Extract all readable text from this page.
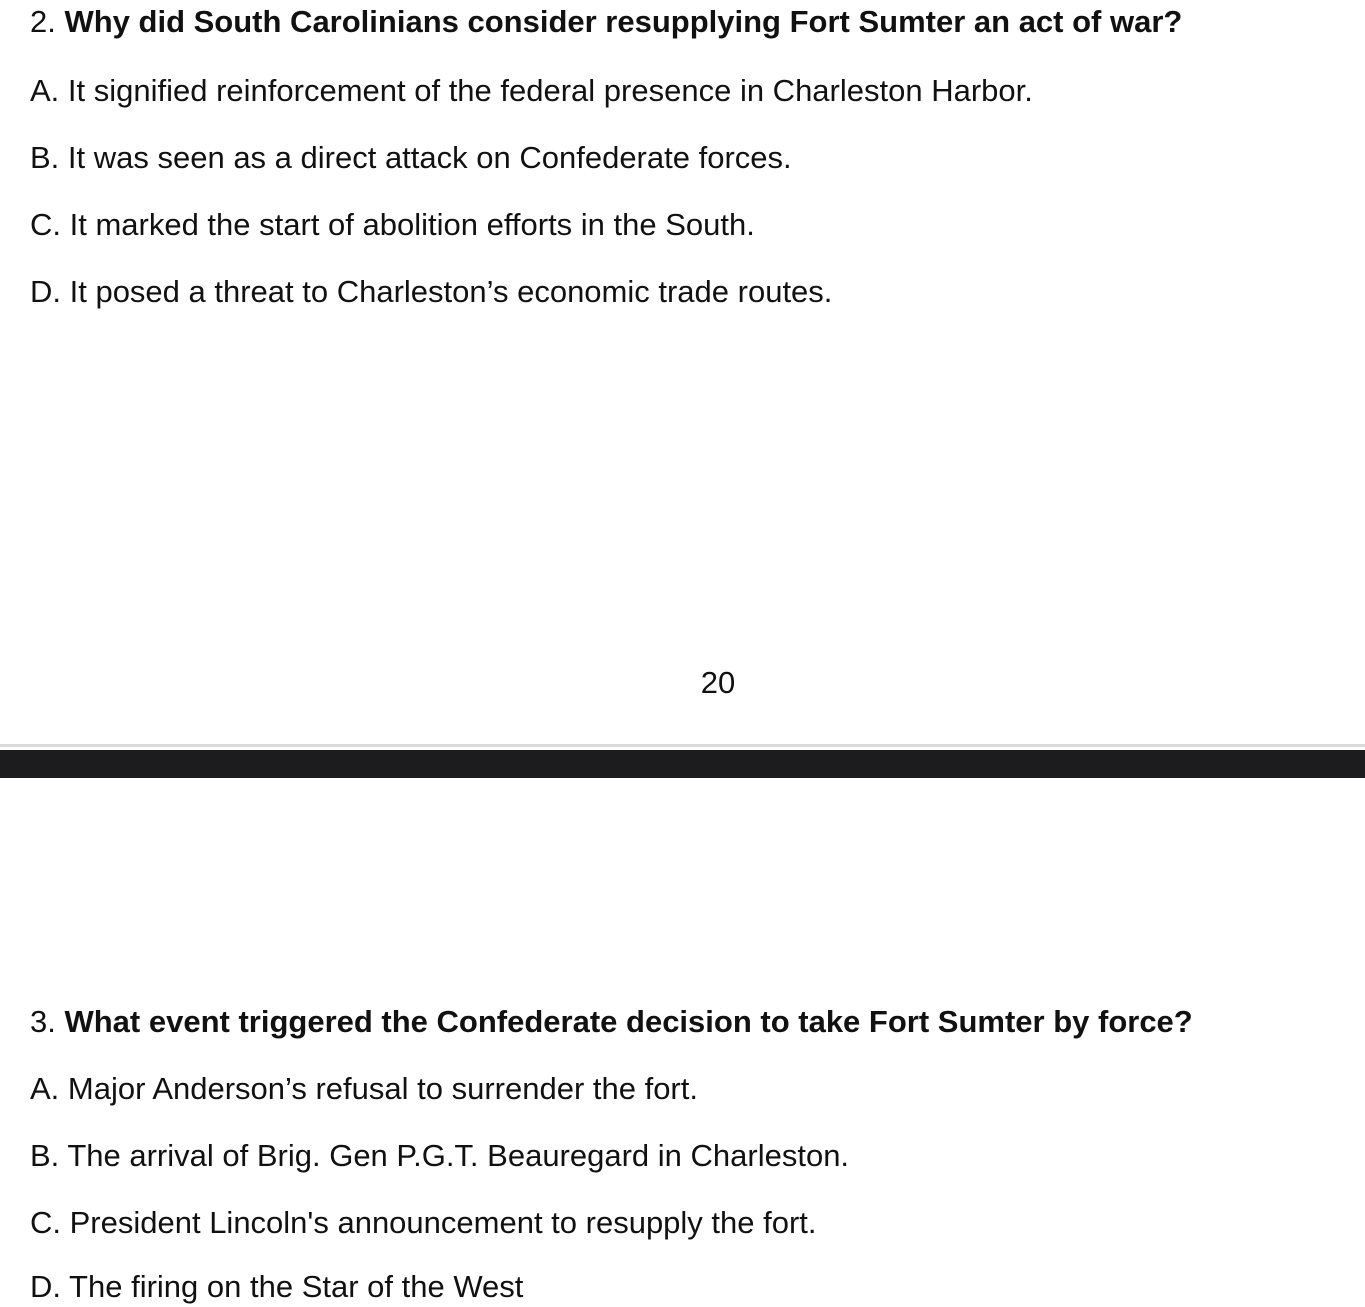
2. Why did South Carolinians consider resupplying Fort Sumter an act of war?
A. It signified reinforcement of the federal presence in Charleston Harbor.
B. It was seen as a direct attack on Confederate forces.
C. It marked the start of abolition efforts in the South.
D. It posed a threat to Charleston’s economic trade routes.
20
3. What event triggered the Confederate decision to take Fort Sumter by force?
A. Major Anderson’s refusal to surrender the fort.
B. The arrival of Brig. Gen P.G.T. Beauregard in Charleston.
C. President Lincoln's announcement to resupply the fort.
D. The firing on the Star of the West
